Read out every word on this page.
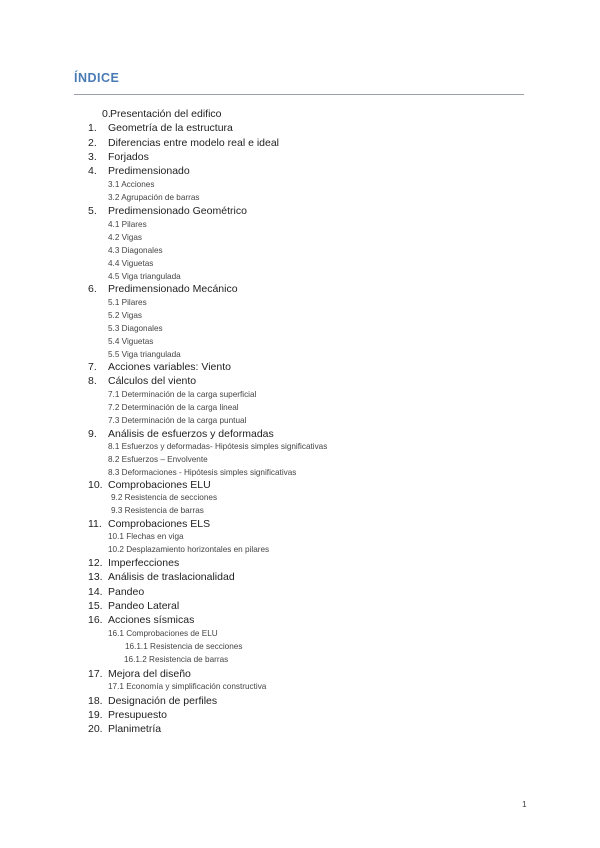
ÍNDICE
0. Presentación del edifico
1. Geometría de la estructura
2. Diferencias entre modelo real e ideal
3. Forjados
4. Predimensionado
3.1 Acciones
3.2 Agrupación de barras
5. Predimensionado Geométrico
4.1 Pilares
4.2 Vigas
4.3 Diagonales
4.4 Viguetas
4.5 Viga triangulada
6. Predimensionado Mecánico
5.1 Pilares
5.2 Vigas
5.3 Diagonales
5.4 Viguetas
5.5 Viga triangulada
7. Acciones variables: Viento
8. Cálculos del viento
7.1 Determinación de la carga superficial
7.2 Determinación de la carga lineal
7.3 Determinación de la carga puntual
9. Análisis de esfuerzos y deformadas
8.1 Esfuerzos y deformadas- Hipótesis simples significativas
8.2 Esfuerzos – Envolvente
8.3 Deformaciones - Hipótesis simples significativas
10. Comprobaciones ELU
9.2 Resistencia de secciones
9.3 Resistencia de barras
11. Comprobaciones ELS
10.1 Flechas en viga
10.2 Desplazamiento horizontales en pilares
12. Imperfecciones
13. Análisis de traslacionalidad
14. Pandeo
15. Pandeo Lateral
16. Acciones sísmicas
16.1 Comprobaciones de ELU
16.1.1 Resistencia de secciones
16.1.2 Resistencia de barras
17. Mejora del diseño
17.1 Economía y simplificación constructiva
18. Designación de perfiles
19. Presupuesto
20. Planimetría
1
